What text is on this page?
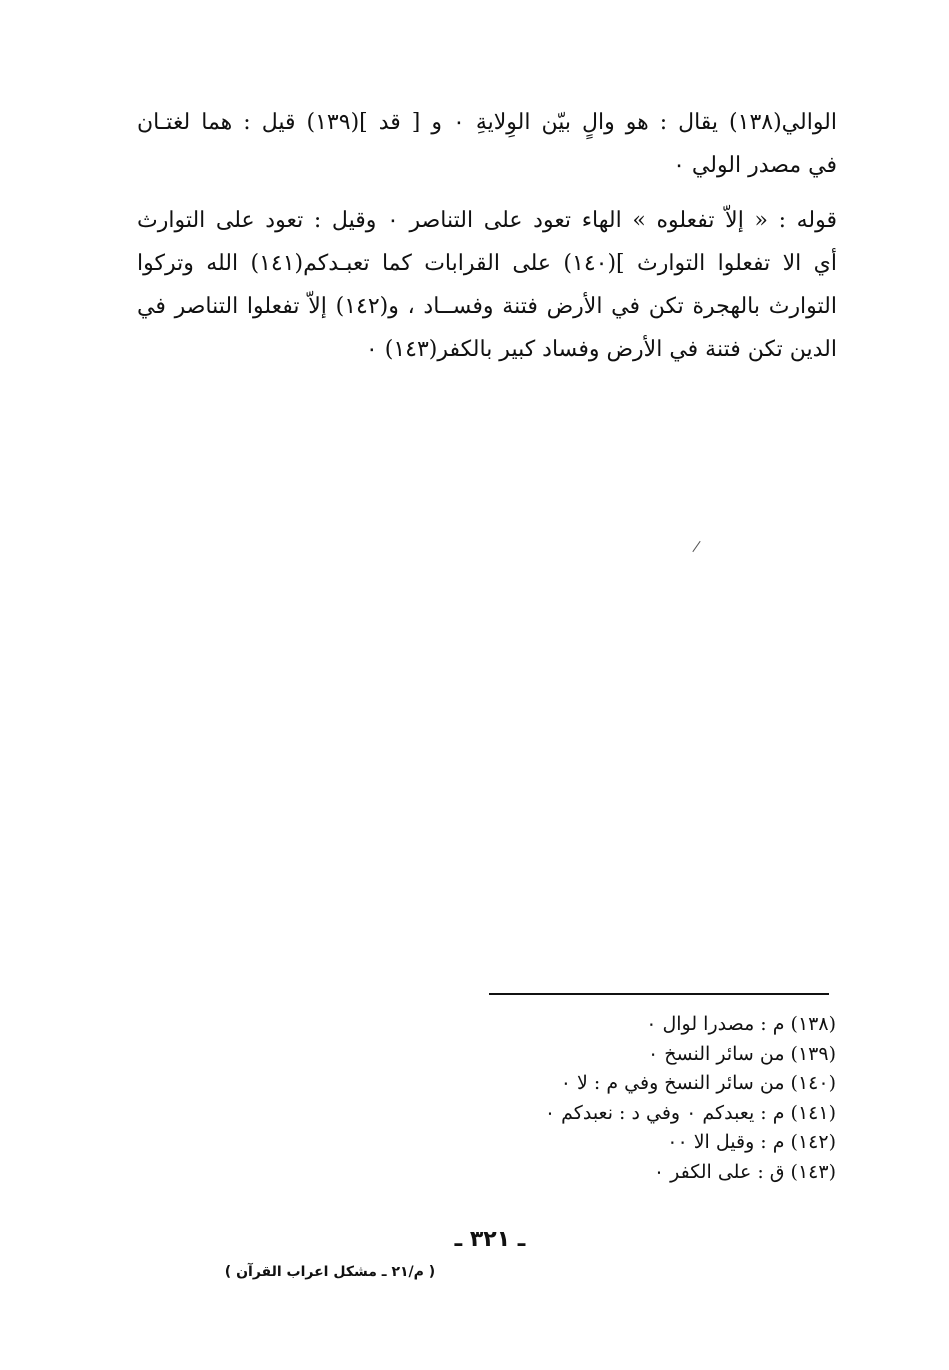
الوالي(١٣٨) يقال : هو والٍ بيّن الوِلايةِ ٠ و [ قد ](١٣٩) قيل : هما لغتـان
في مصدر الولي ٠
قوله : « إلاّ تفعلوه » الهاء تعود على التناصر ٠ وقيل : تعود على التوارث
أي الا تفعلوا التوارث ](١٤٠) على القرابات كما تعبـدكم(١٤١) الله وتركوا
التوارث بالهجرة تكن في الأرض فتنة وفســاد ، و(١٤٢) إلاّ تفعلوا التناصر في
الدين تكن فتنة في الأرض وفساد كبير بالكفر(١٤٣) ٠
(١٣٨) م : مصدرا لوال ٠
(١٣٩) من سائر النسخ ٠
(١٤٠) من سائر النسخ وفي م : لا ٠
(١٤١) م : يعبدكم ٠ وفي د : نعبدكم ٠
(١٤٢) م : وقيل الا ٠٠
(١٤٣) ق : على الكفر ٠
ـ ٣٢١ ـ
( م/٢١ ـ مشكل اعراب القرآن )
